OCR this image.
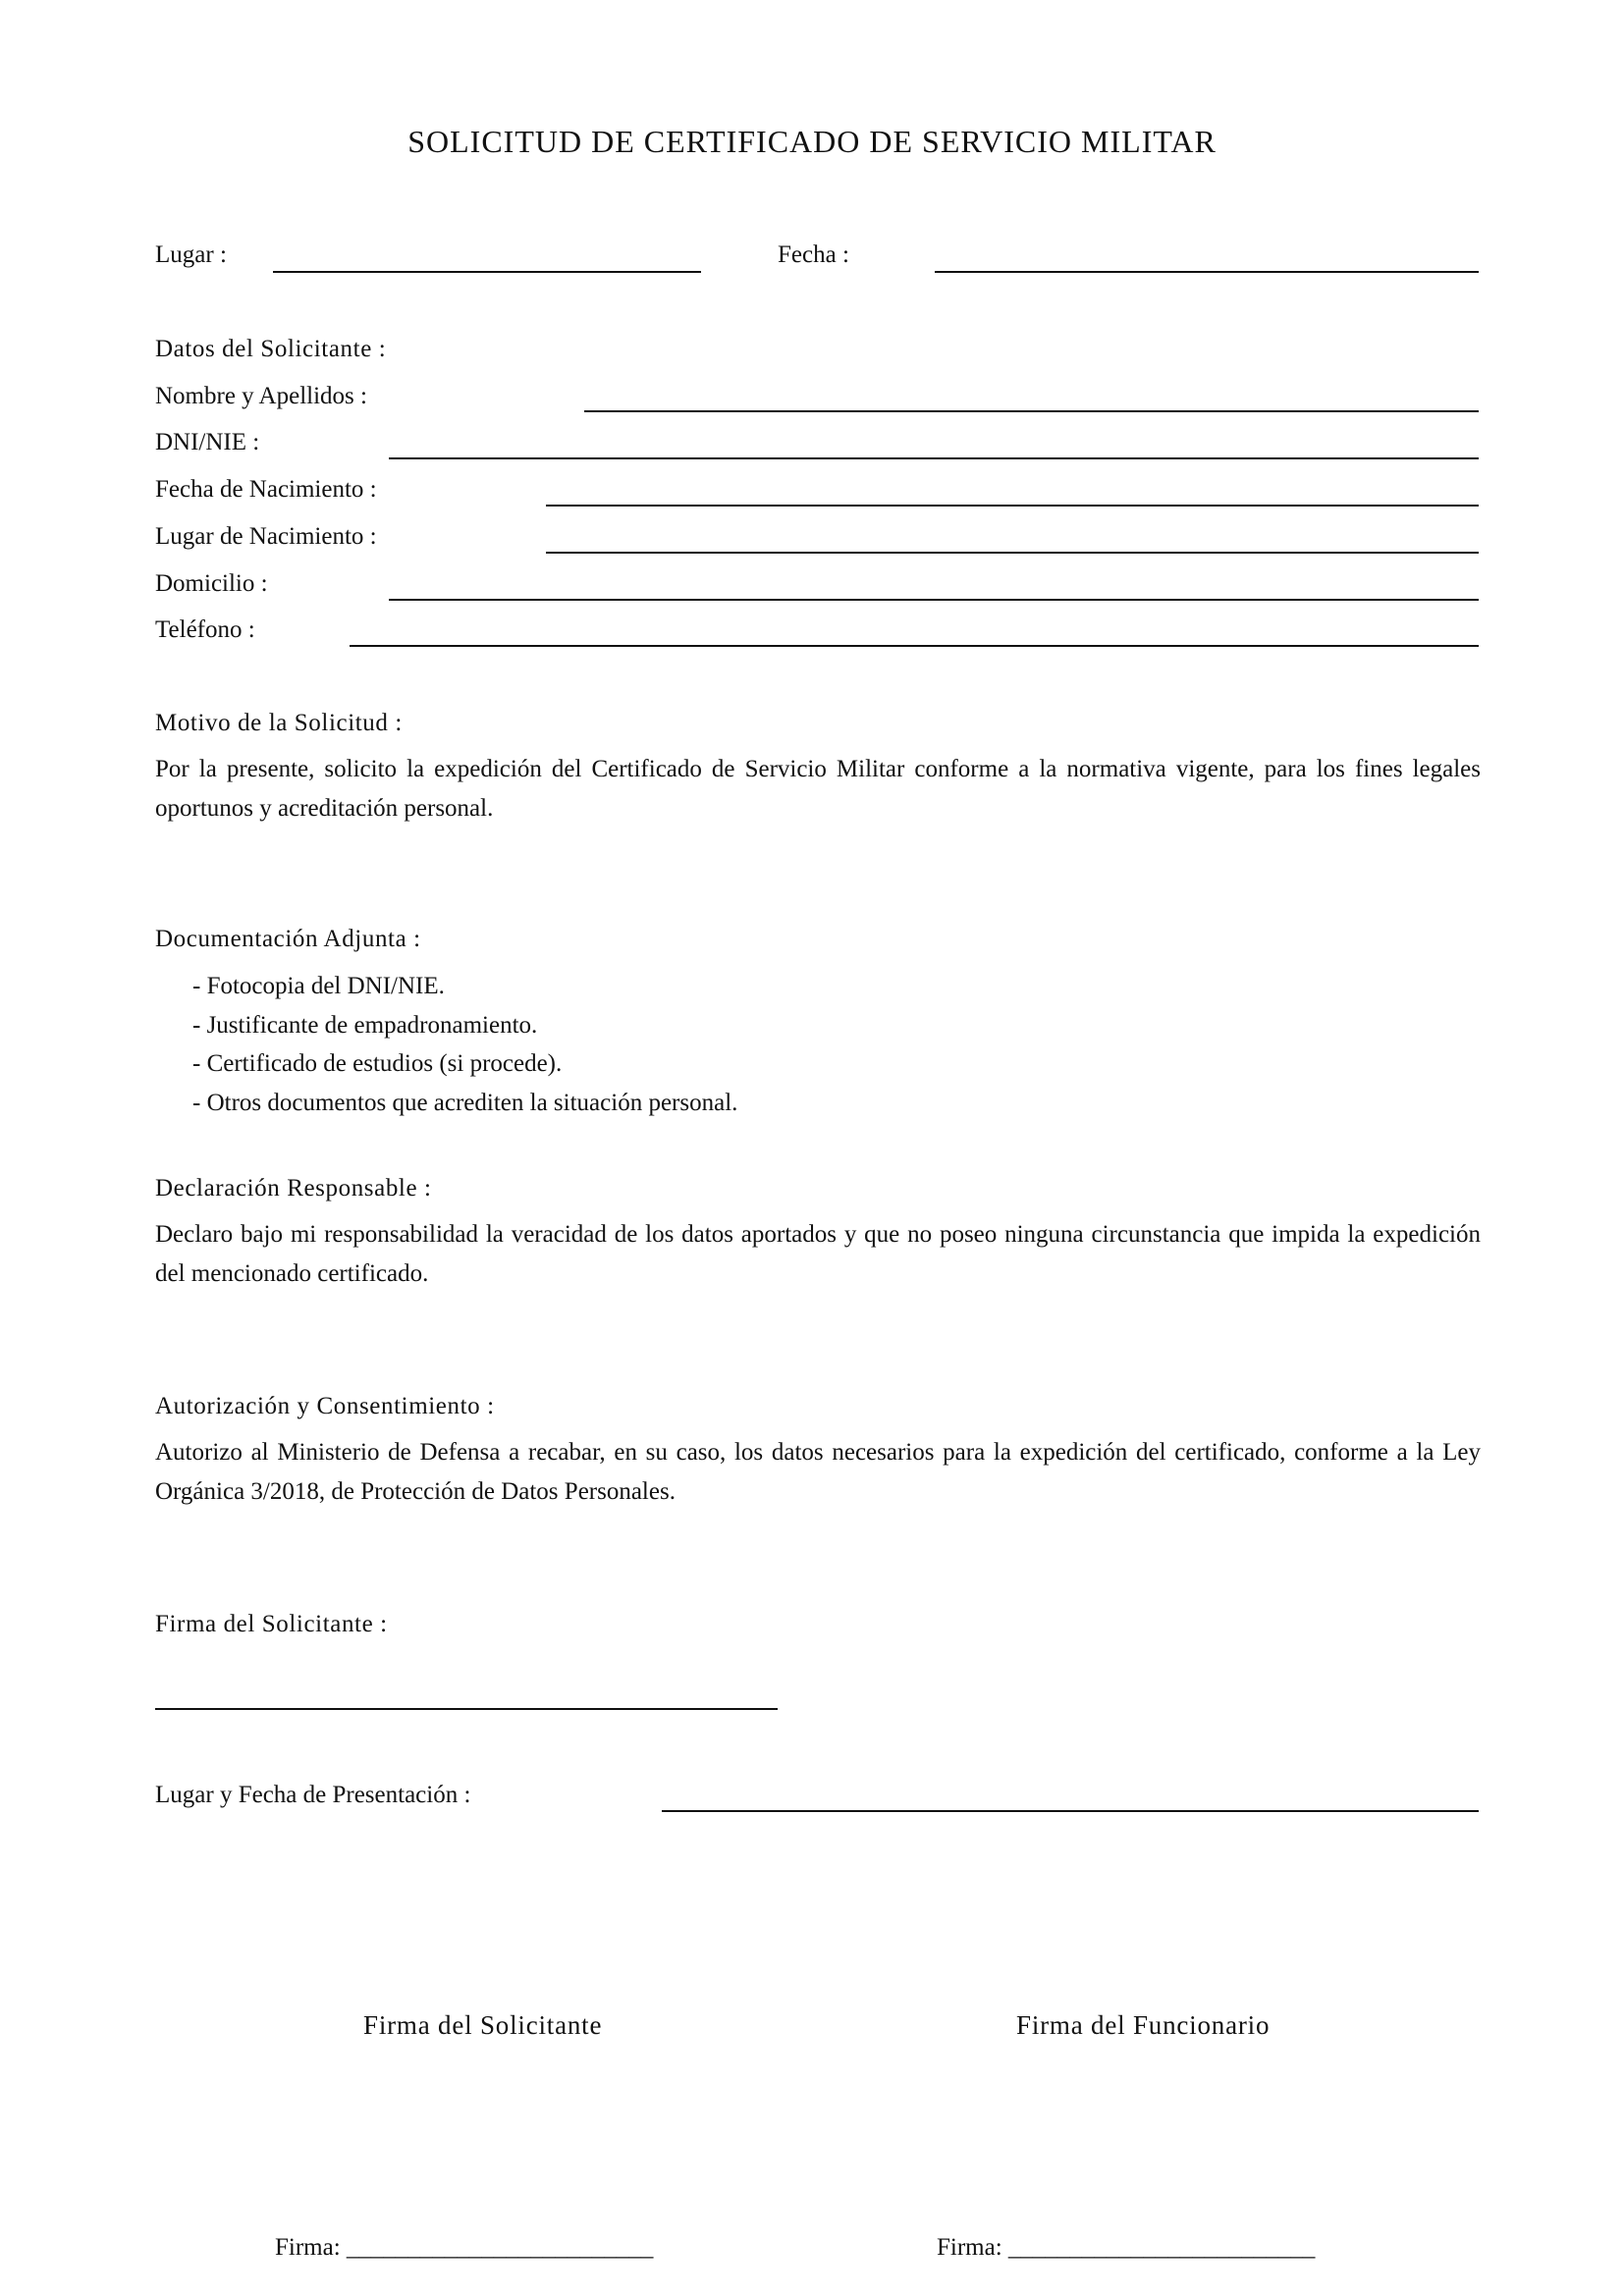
SOLICITUD DE CERTIFICADO DE SERVICIO MILITAR
Lugar :	Fecha :
Datos del Solicitante :
Nombre y Apellidos :
DNI/NIE :
Fecha de Nacimiento :
Lugar de Nacimiento :
Domicilio :
Teléfono :
Motivo de la Solicitud :
Por la presente, solicito la expedición del Certificado de Servicio Militar conforme a la normativa vigente, para los fines legales oportunos y acreditación personal.
Documentación Adjunta :
- Fotocopia del DNI/NIE.
- Justificante de empadronamiento.
- Certificado de estudios (si procede).
- Otros documentos que acrediten la situación personal.
Declaración Responsable :
Declaro bajo mi responsabilidad la veracidad de los datos aportados y que no poseo ninguna circunstancia que impida la expedición del mencionado certificado.
Autorización y Consentimiento :
Autorizo al Ministerio de Defensa a recabar, en su caso, los datos necesarios para la expedición del certificado, conforme a la Ley Orgánica 3/2018, de Protección de Datos Personales.
Firma del Solicitante :
Lugar y Fecha de Presentación :
Firma del Solicitante	Firma del Funcionario
Firma: _________________________	Firma: _________________________
